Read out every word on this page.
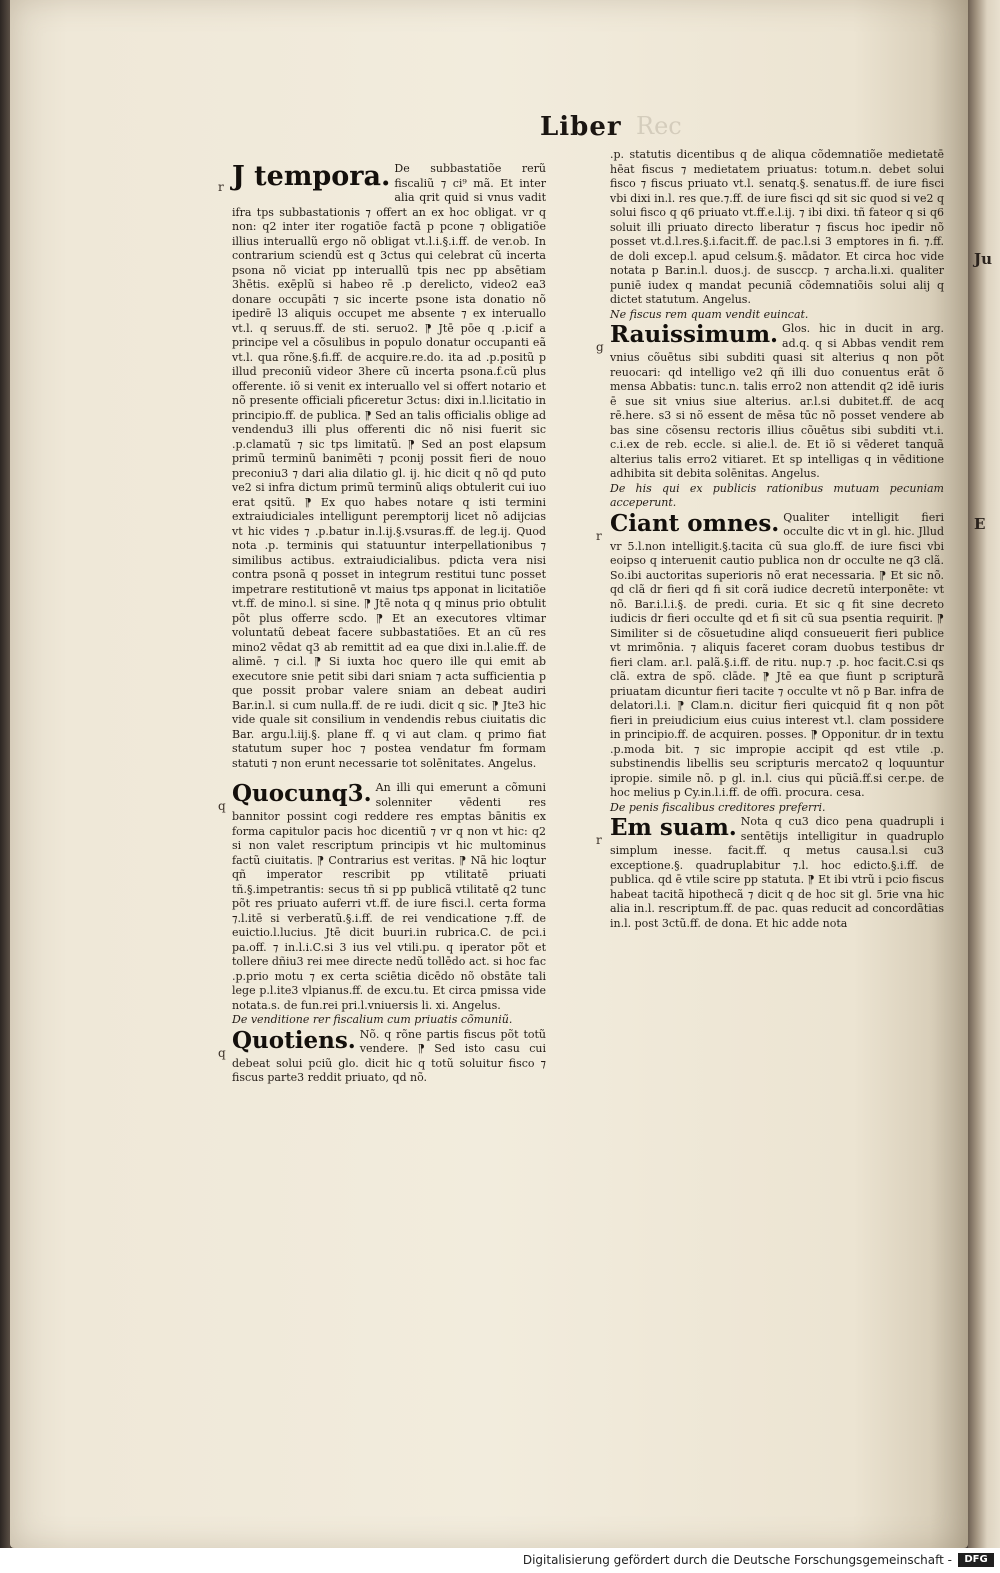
Liber Rec
r J tempora. De subbastatiõe rerũ fiscaliũ ⁊ ci⁹ mã. Et inter alia qrit quid si vnus vadit ifra tps subbastationis ⁊ offert an ex hoc obligat. vr q non: q2 inter iter rogatiõe factã p pcone ⁊ obligatiõe illius interuallũ ergo nõ obligat vt.l.i.§.i.ff. de ver.ob. In contrarium sciendũ est q 3ctus qui celebrat cũ incerta psona nõ viciat pp interuallũ tpis nec pp absētiam 3hētis. exēplũ si habeo rē .p derelicto, video2 ea3 donare occupāti ⁊ sic incerte psone ista donatio nõ ipedirē l3 aliquis occupet me absente ⁊ ex interuallo vt.l. q seruus.ff. de sti. seruo2. ⁋ Jtē pōe q .p.icif a principe vel a cõsulibus in populo donatur occupanti eã vt.l. qua rõne.§.fi.ff. de acquire.re.do. ita ad .p.positũ p illud preconiũ videor 3here cũ incerta psona.f.cũ plus offerente. iõ si venit ex interuallo vel si offert notario et nõ presente officiali pficeretur 3ctus: dixi in.l.licitatio in principio.ff. de publica. ⁋ Sed an talis officialis oblige ad vendendu3 illi plus offerenti dic nõ nisi fuerit sic .p.clamatũ ⁊ sic tps limitatũ. ⁋ Sed an post elapsum primũ terminũ banimēti ⁊ pconij possit fieri de nouo preconiu3 ⁊ dari alia dilatio gl. ij. hic dicit q nõ qd puto ve2 si infra dictum primũ terminũ aliqs obtulerit cui iuo erat qsitũ. ⁋ Ex quo habes notare q isti termini extraiudiciales intelligunt peremptorij licet nõ adijcias vt hic vides ⁊ .p.batur in.l.ij.§.vsuras.ff. de leg.ij. Quod nota .p. terminis qui statuuntur interpellationibus ⁊ similibus actibus. extraiudicialibus. pdicta vera nisi contra psonã q posset in integrum restitui tunc posset impetrare restitutionē vt maius tps apponat in licitatiõe vt.ff. de mino.l. si sine. ⁋ Jtē nota q q minus prio obtulit põt plus offerre scdo. ⁋ Et an executores vltimar voluntatũ debeat facere subbastatiões. Et an cũ res mino2 vēdat q3 ab remittit ad ea que dixi in.l.alie.ff. de alimē. ⁊ ci.l. ⁋ Si iuxta hoc quero ille qui emit ab executore snie petit sibi dari sniam ⁊ acta sufficientia p que possit probar valere sniam an debeat audiri Bar.in.l. si cum nulla.ff. de re iudi. dicit q sic. ⁋ Jte3 hic vide quale sit consilium in vendendis rebus ciuitatis dic Bar. argu.l.iij.§. plane ff. q vi aut clam. q primo fiat statutum super hoc ⁊ postea vendatur fm formam statuti ⁊ non erunt necessarie tot solēnitates. Angelus.

q Quocunq3. An illi qui emerunt a cõmuni solenniter vēdenti res bannitor possint cogi reddere res emptas bānitis ex forma capitulor pacis hoc dicentiũ ⁊ vr q non vt hic: q2 si non valet rescriptum principis vt hic multominus factũ ciuitatis. ⁋ Contrarius est veritas. ⁋ Nã hic loqtur qñ imperator rescribit pp vtilitatē priuati tñ.§.impetrantis: secus tñ si pp publicã vtilitatē q2 tunc põt res priuato auferri vt.ff. de iure fisci.l. certa forma ⁊.l.itē si verberatũ.§.i.ff. de rei vendicatione ⁊.ff. de euictio.l.lucius. Jtē dicit buuri.in rubrica.C. de pci.i pa.off. ⁊ in.l.i.C.si 3 ius vel vtili.pu. q iperator põt et tollere dñiu3 rei mee directe nedũ tollēdo act. si hoc fac .p.prio motu ⁊ ex certa sciētia dicēdo nõ obstāte tali lege p.l.ite3 vlpianus.ff. de excu.tu. Et circa pmissa vide notata.s. de fun.rei pri.l.vniuersis li. xi. Angelus.

De venditione rer fiscalium cum priuatis cõmuniũ.

q Quotiens. Nõ. q rõne partis fiscus põt totũ vendere. ⁋ Sed isto casu cui debeat solui pciũ glo. dicit hic q totũ soluitur fisco ⁊ fiscus parte3 reddit priuato, qd nõ.

.p. statutis dicentibus q de aliqua cõdemnatiõe medietatē hēat fiscus ⁊ medietatem priuatus: totum.n. debet solui fisco ⁊ fiscus priuato vt.l. senatq.§. senatus.ff. de iure fisci vbi dixi in.l. res que.⁊.ff. de iure fisci qd sit sic quod si ve2 q solui fisco q q6 priuato vt.ff.e.l.ij. ⁊ ibi dixi. tñ fateor q si q6 soluit illi priuato directo liberatur ⁊ fiscus hoc ipedir nõ posset vt.d.l.res.§.i.facit.ff. de pac.l.si 3 emptores in fi. ⁊.ff. de doli excep.l. apud celsum.§. mādator. Et circa hoc vide notata p Bar.in.l. duos.j. de susccp. ⁊ archa.li.xi. qualiter puniē iudex q mandat pecuniã cõdemnatiõis solui alij q dictet statutum. Angelus.

Ne fiscus rem quam vendit euincat.

g Rauissimum. Glos. hic in ducit in arg. ad.q. q si Abbas vendit rem vnius cõuētus sibi subditi quasi sit alterius q non põt reuocari: qd intelligo ve2 qñ illi duo conuentus erāt õ mensa Abbatis: tunc.n. talis erro2 non attendit q2 idē iuris ē sue sit vnius siue alterius. ar.l.si dubitet.ff. de acq rē.here. s3 si nõ essent de mēsa tūc nõ posset vendere ab bas sine cõsensu rectoris illius cõuētus sibi subditi vt.i. c.i.ex de reb. eccle. si alie.l. de. Et iõ si vēderet tanquã alterius talis erro2 vitiaret. Et sp intelligas q in vēditione adhibita sit debita solēnitas. Angelus.

De his qui ex publicis rationibus mutuam pecuniam acceperunt.

r Ciant omnes. Qualiter intelligit fieri occulte dic vt in gl. hic. Jllud vr 5.l.non intelligit.§.tacita cũ sua glo.ff. de iure fisci vbi eoipso q interuenit cautio publica non dr occulte ne q3 clã. So.ibi auctoritas superioris nõ erat necessaria. ⁋ Et sic nõ. qd clã dr fieri qd fi sit corã iudice decretũ interponēte: vt nõ. Bar.i.l.i.§. de predi. curia. Et sic q fit sine decreto iudicis dr fieri occulte qd et fi sit cũ sua psentia requirit. ⁋ Similiter si de cõsuetudine aliqd consueuerit fieri publice vt mrimõnia. ⁊ aliquis faceret coram duobus testibus dr fieri clam. ar.l. palã.§.i.ff. de ritu. nup.⁊ .p. hoc facit.C.si qs clã. extra de spõ. clāde. ⁋ Jtē ea que fiunt p scripturã priuatam dicuntur fieri tacite ⁊ occulte vt nõ p Bar. infra de delatori.l.i. ⁋ Clam.n. dicitur fieri quicquid fit q non põt fieri in preiudicium eius cuius interest vt.l. clam possidere in principio.ff. de acquiren. posses. ⁋ Opponitur. dr in textu .p.moda bit. ⁊ sic impropie accipit qd est vtile .p. substinendis libellis seu scripturis mercato2 q loquuntur ipropie. simile nõ. p gl. in.l. cius qui pũciã.ff.si cer.pe. de hoc melius p Cy.in.l.i.ff. de offi. procura. cesa.

De penis fiscalibus creditores preferri.

r Em suam. Nota q cu3 dico pena quadrupli i sentētijs intelligitur in quadruplo simplum inesse. facit.ff. q metus causa.l.si cu3 exceptione.§. quadruplabitur ⁊.l. hoc edicto.§.i.ff. de publica. qd ē vtile scire pp statuta. ⁋ Et ibi vtrũ i pcio fiscus habeat tacitã hipothecã ⁊ dicit q de hoc sit gl. 5rie vna hic alia in.l. rescriptum.ff. de pac. quas reducit ad concordãtias in.l. post 3ctũ.ff. de dona. Et hic adde nota

Ju
E
Digitalisierung gefördert durch die Deutsche Forschungsgemeinschaft -	DFG
